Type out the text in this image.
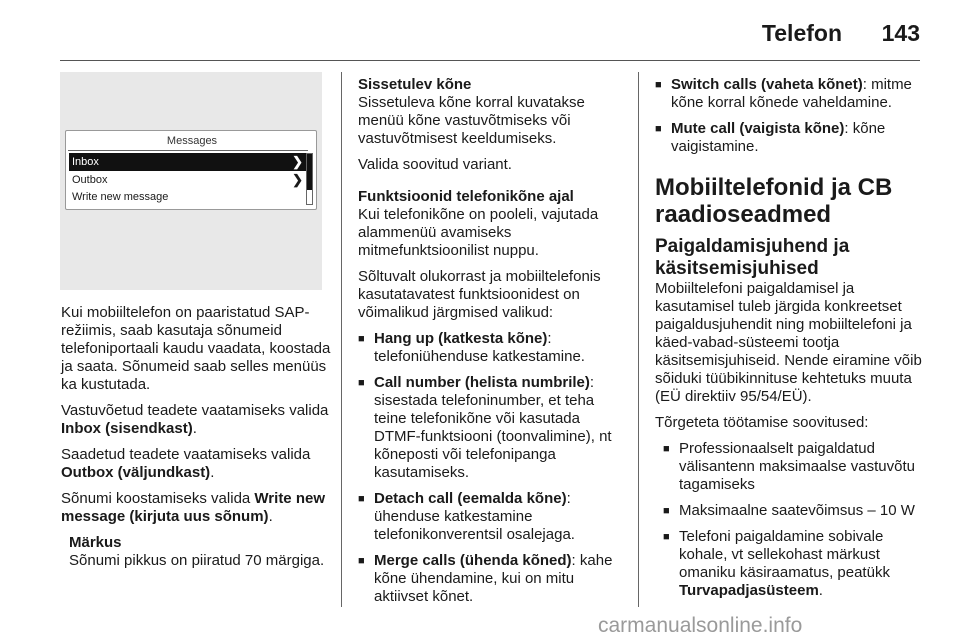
Telefon 143
Messages
Inbox	❯
Outbox	❯
Write new message

Kui mobiiltelefon on paaristatud SAP-režiimis, saab kasutaja sõnumeid telefoniportaali kaudu vaadata, koostada ja saata. Sõnumeid saab selles menüüs ka kustutada.

Vastuvõetud teadete vaatamiseks valida Inbox (sisendkast).

Saadetud teadete vaatamiseks valida Outbox (väljundkast).

Sõnumi koostamiseks valida Write new message (kirjuta uus sõnum).

Märkus
Sõnumi pikkus on piiratud 70 märgiga.
Sissetulev kõne

Sissetuleva kõne korral kuvatakse menüü kõne vastuvõtmiseks või vastuvõtmisest keeldumiseks.

Valida soovitud variant.

Funktsioonid telefonikõne ajal

Kui telefonikõne on pooleli, vajutada alammenüü avamiseks mitmefunktsioonilist nuppu.

Sõltuvalt olukorrast ja mobiiltelefonis kasutatavatest funktsioonidest on võimalikud järgmised valikud:

■ Hang up (katkesta kõne): telefoniühenduse katkestamine.
■ Call number (helista numbrile): sisestada telefoninumber, et teha teine telefonikõne või kasutada DTMF-funktsiooni (toonvalimine), nt kõneposti või telefonipanga kasutamiseks.
■ Detach call (eemalda kõne): ühenduse katkestamine telefonikonverentsil osalejaga.
■ Merge calls (ühenda kõned): kahe kõne ühendamine, kui on mitu aktiivset kõnet.
■ Switch calls (vaheta kõnet): mitme kõne korral kõnede vaheldamine.
■ Mute call (vaigista kõne): kõne vaigistamine.
Mobiiltelefonid ja CB raadioseadmed
Paigaldamisjuhend ja käsitsemisjuhised

Mobiiltelefoni paigaldamisel ja kasutamisel tuleb järgida konkreetset paigaldusjuhendit ning mobiiltelefoni ja käed-vabad-süsteemi tootja käsitsemisjuhiseid. Nende eiramine võib sõiduki tüübikinnituse kehtetuks muuta (EÜ direktiiv 95/54/EÜ).

Tõrgeteta töötamise soovitused:

■ Professionaalselt paigaldatud välisantenn maksimaalse vastuvõtu tagamiseks
■ Maksimaalne saatevõimsus – 10 W
■ Telefoni paigaldamine sobivale kohale, vt sellekohast märkust omaniku käsiraamatus, peatükk Turvapadjasüsteem.
carmanualsonline.info
